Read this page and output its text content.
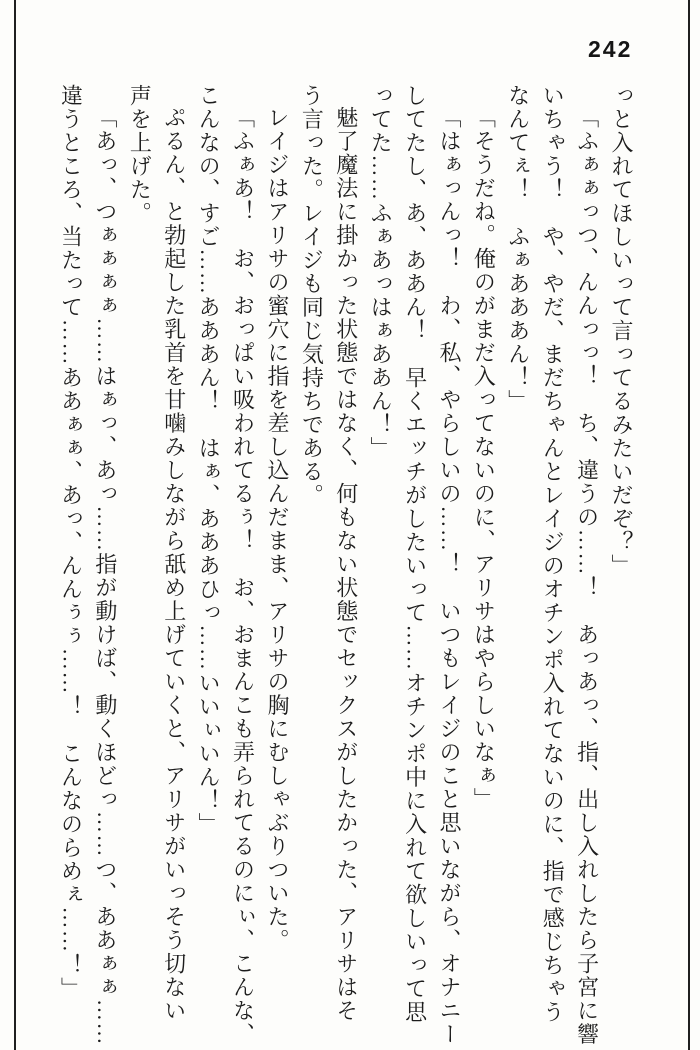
242
っと入れてほしいって言ってるみたいだぞ？」
「ふぁぁっつ、んんっっ！　ち、違うの……！　あっあっ、指、出し入れしたら子宮に響
いちゃう！　や、やだ、まだちゃんとレイジのオチンポ入れてないのに、指で感じちゃう
なんてぇ！　ふぁあああん！」
「そうだね。俺のがまだ入ってないのに、アリサはやらしいなぁ」
「はぁっんっ！　わ、私、やらしいの……！　いつもレイジのこと思いながら、オナニー
してたし、あ、ああん！　早くエッチがしたいって……オチンポ中に入れて欲しいって思
ってた……ふぁあっはぁああん！」
魅了魔法に掛かった状態ではなく、何もない状態でセックスがしたかった、アリサはそ
う言った。レイジも同じ気持ちである。
レイジはアリサの蜜穴に指を差し込んだまま、アリサの胸にむしゃぶりついた。
「ふぁあ！　お、おっぱい吸われてるぅ！　お、おまんこも弄られてるのにぃ、こんな、
こんなの、すご……あああん！　はぁ、あああひっ……いいぃいん！」
ぷるん、と勃起した乳首を甘噛みしながら舐め上げていくと、アリサがいっそう切ない
声を上げた。
「あっ、つぁぁぁぁ……はぁっ、あっ……指が動けば、動くほどっ……つ、ああぁぁ……
違うところ、当たって……ああぁぁ、あっ、んんぅぅ……！　こんなのらめぇ……！」
